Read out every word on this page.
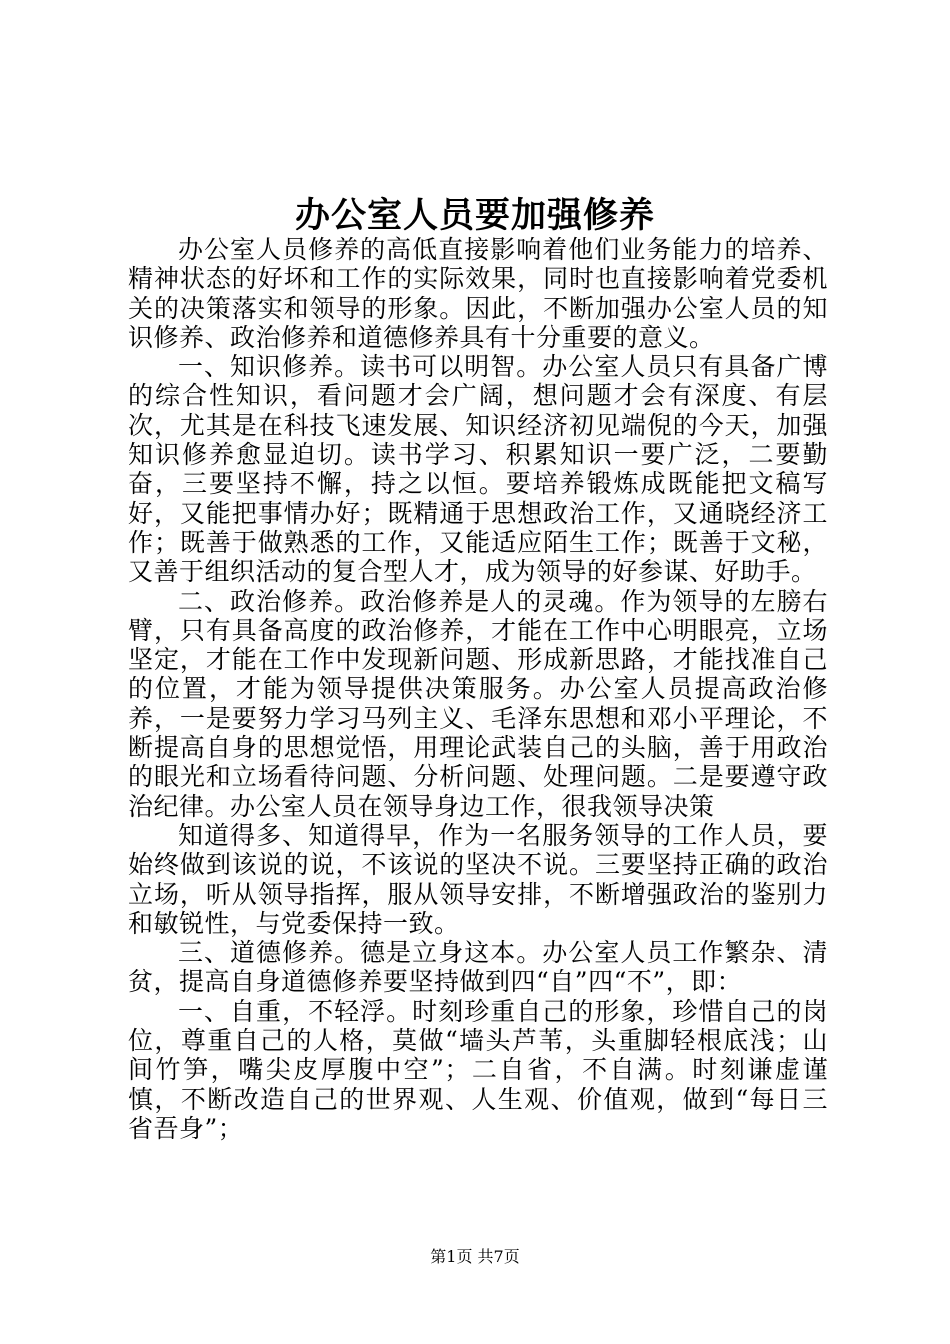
办公室人员要加强修养

办公室人员修养的高低直接影响着他们业务能力的培养、精神状态的好坏和工作的实际效果，同时也直接影响着党委机关的决策落实和领导的形象。因此，不断加强办公室人员的知识修养、政治修养和道德修养具有十分重要的意义。

一、知识修养。读书可以明智。办公室人员只有具备广博的综合性知识，看问题才会广阔，想问题才会有深度、有层次，尤其是在科技飞速发展、知识经济初见端倪的今天，加强知识修养愈显迫切。读书学习、积累知识一要广泛，二要勤奋，三要坚持不懈，持之以恒。要培养锻炼成既能把文稿写好，又能把事情办好；既精通于思想政治工作，又通晓经济工作；既善于做熟悉的工作，又能适应陌生工作；既善于文秘，又善于组织活动的复合型人才，成为领导的好参谋、好助手。

二、政治修养。政治修养是人的灵魂。作为领导的左膀右臂，只有具备高度的政治修养，才能在工作中心明眼亮，立场坚定，才能在工作中发现新问题、形成新思路，才能找准自己的位置，才能为领导提供决策服务。办公室人员提高政治修养，一是要努力学习马列主义、毛泽东思想和邓小平理论，不断提高自身的思想觉悟，用理论武装自己的头脑，善于用政治的眼光和立场看待问题、分析问题、处理问题。二是要遵守政治纪律。办公室人员在领导身边工作，很我领导决策

知道得多、知道得早，作为一名服务领导的工作人员，要始终做到该说的说，不该说的坚决不说。三要坚持正确的政治立场，听从领导指挥，服从领导安排，不断增强政治的鉴别力和敏锐性，与党委保持一致。

三、道德修养。德是立身这本。办公室人员工作繁杂、清贫，提高自身道德修养要坚持做到四“自”四“不”，即：

一、自重，不轻浮。时刻珍重自己的形象，珍惜自己的岗位，尊重自己的人格，莫做“墙头芦苇，头重脚轻根底浅；山间竹笋，嘴尖皮厚腹中空”；二自省，不自满。时刻谦虚谨慎，不断改造自己的世界观、人生观、价值观，做到“每日三省吾身”；

第1页 共7页
